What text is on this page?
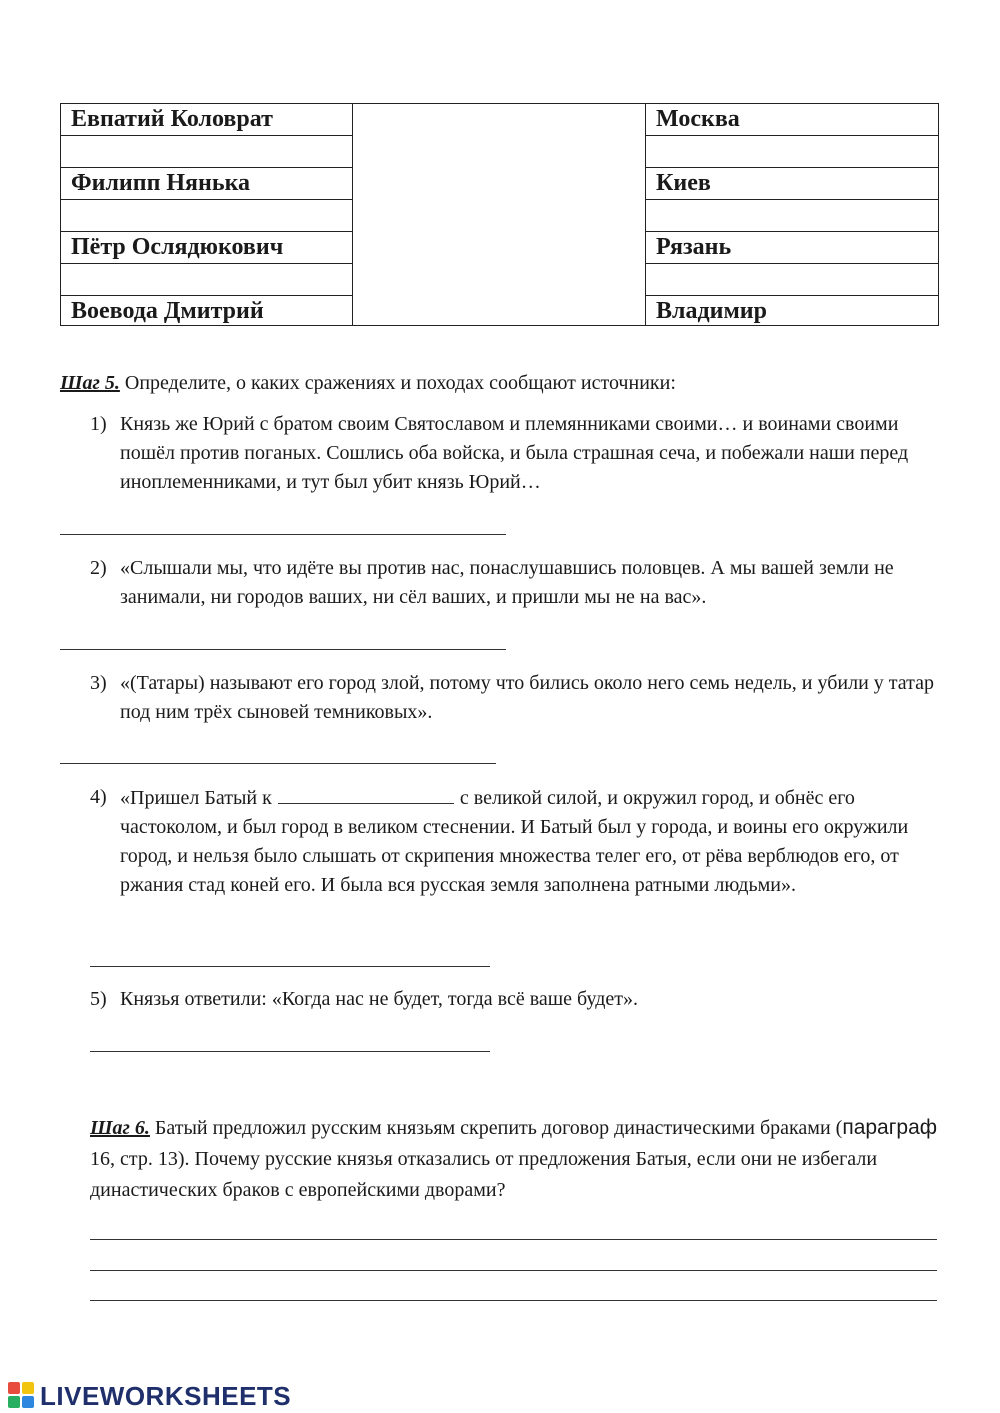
Евпатий Коловрат
Филипп Нянька
Пётр Ослядюкович
Воевода Дмитрий
Москва
Киев
Рязань
Владимир
Шаг 5. Определите, о каких сражениях и походах сообщают источники:
1) Князь же Юрий с братом своим Святославом и племянниками своими… и воинами своими пошёл против поганых. Сошлись оба войска, и была страшная сеча, и побежали наши перед иноплеменниками, и тут был убит князь Юрий…
2) «Слышали мы, что идёте вы против нас, понаслушавшись половцев. А мы вашей земли не занимали, ни городов ваших, ни сёл ваших, и пришли мы не на вас».
3) «(Татары) называют его город злой, потому что бились около него семь недель, и убили у татар под ним трёх сыновей темниковых».
4) «Пришел Батый к	с великой силой, и окружил город, и обнёс его частоколом, и был город в великом стеснении. И Батый был у города, и воины его окружили город, и нельзя было слышать от скрипения множества телег его, от рёва верблюдов его, от ржания стад коней его. И была вся русская земля заполнена ратными людьми».
5) Князья ответили: «Когда нас не будет, тогда всё ваше будет».
Шаг 6. Батый предложил русским князьям скрепить договор династическими браками (параграф 16, стр. 13). Почему русские князья отказались от предложения Батыя, если они не избегали династических браков с европейскими дворами?
LIVEWORKSHEETS
